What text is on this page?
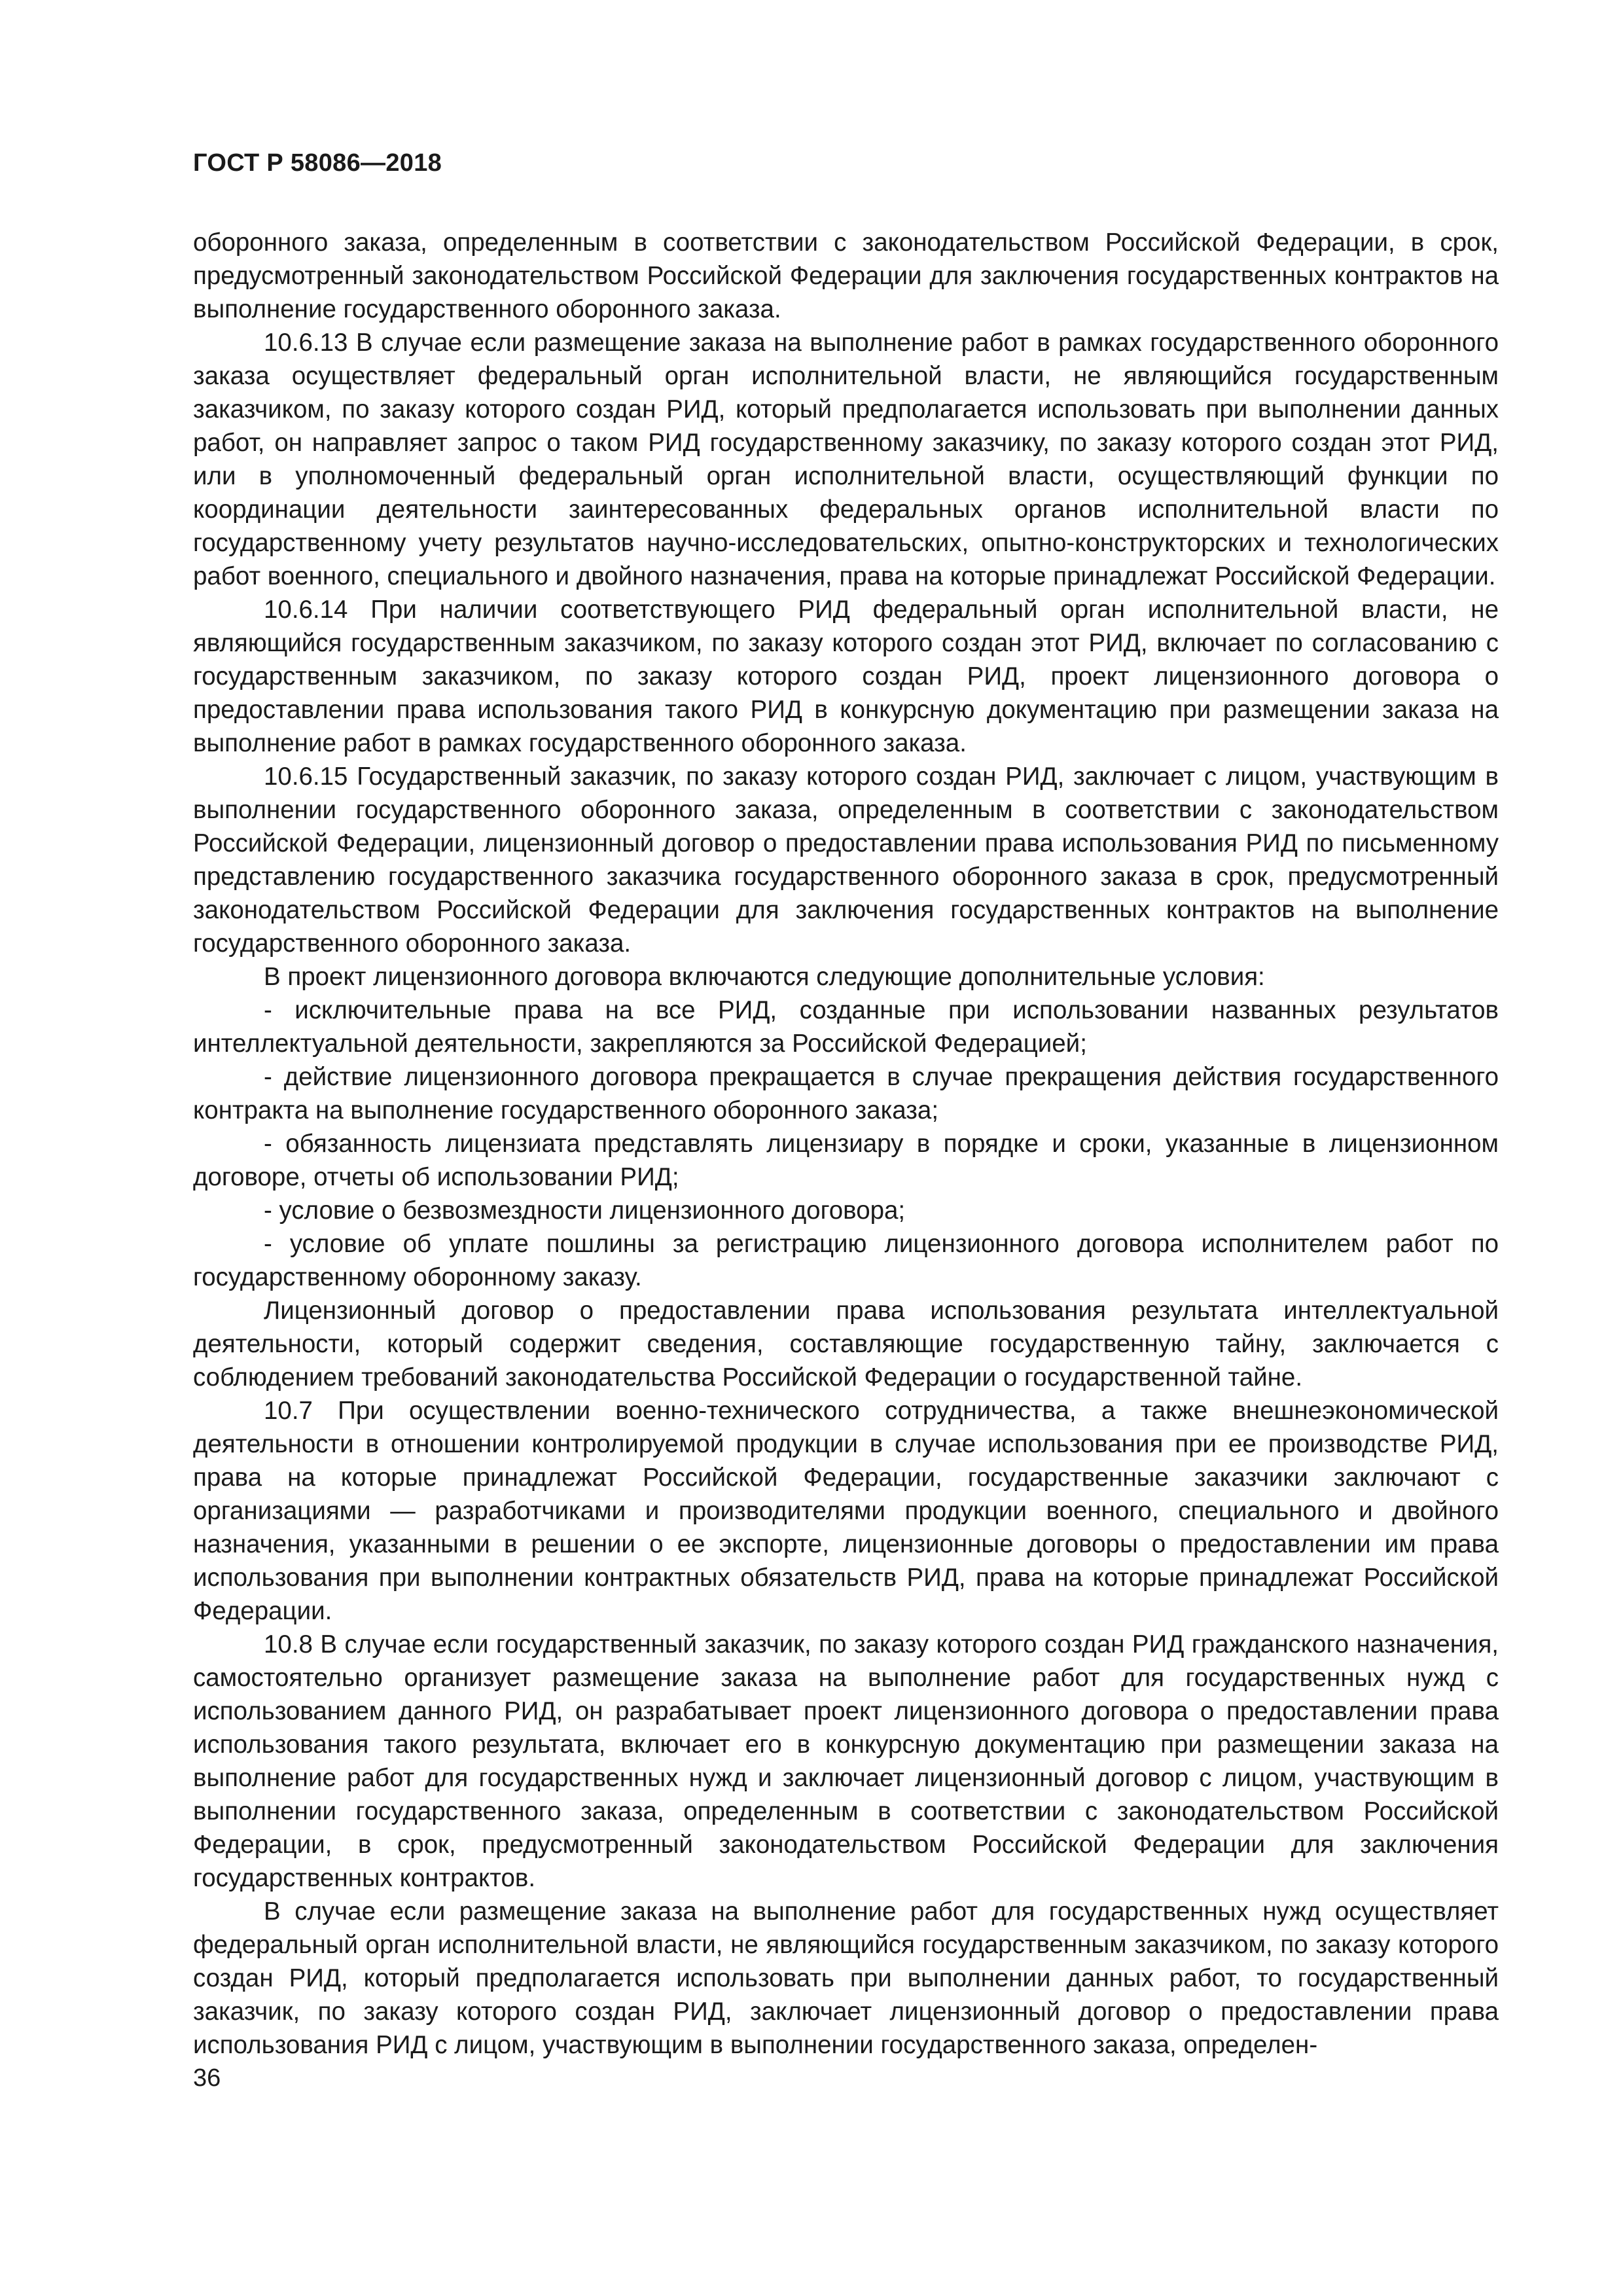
ГОСТ Р 58086—2018

оборонного заказа, определенным в соответствии с законодательством Российской Федерации, в срок, предусмотренный законодательством Российской Федерации для заключения государственных контрактов на выполнение государственного оборонного заказа.

10.6.13 В случае если размещение заказа на выполнение работ в рамках государственного оборонного заказа осуществляет федеральный орган исполнительной власти, не являющийся государственным заказчиком, по заказу которого создан РИД, который предполагается использовать при выполнении данных работ, он направляет запрос о таком РИД государственному заказчику, по заказу которого создан этот РИД, или в уполномоченный федеральный орган исполнительной власти, осуществляющий функции по координации деятельности заинтересованных федеральных органов исполнительной власти по государственному учету результатов научно-исследовательских, опытно-конструкторских и технологических работ военного, специального и двойного назначения, права на которые принадлежат Российской Федерации.

10.6.14 При наличии соответствующего РИД федеральный орган исполнительной власти, не являющийся государственным заказчиком, по заказу которого создан этот РИД, включает по согласованию с государственным заказчиком, по заказу которого создан РИД, проект лицензионного договора о предоставлении права использования такого РИД в конкурсную документацию при размещении заказа на выполнение работ в рамках государственного оборонного заказа.

10.6.15 Государственный заказчик, по заказу которого создан РИД, заключает с лицом, участвующим в выполнении государственного оборонного заказа, определенным в соответствии с законодательством Российской Федерации, лицензионный договор о предоставлении права использования РИД по письменному представлению государственного заказчика государственного оборонного заказа в срок, предусмотренный законодательством Российской Федерации для заключения государственных контрактов на выполнение государственного оборонного заказа.

В проект лицензионного договора включаются следующие дополнительные условия:

- исключительные права на все РИД, созданные при использовании названных результатов интеллектуальной деятельности, закрепляются за Российской Федерацией;

- действие лицензионного договора прекращается в случае прекращения действия государственного контракта на выполнение государственного оборонного заказа;

- обязанность лицензиата представлять лицензиару в порядке и сроки, указанные в лицензионном договоре, отчеты об использовании РИД;

- условие о безвозмездности лицензионного договора;

- условие об уплате пошлины за регистрацию лицензионного договора исполнителем работ по государственному оборонному заказу.

Лицензионный договор о предоставлении права использования результата интеллектуальной деятельности, который содержит сведения, составляющие государственную тайну, заключается с соблюдением требований законодательства Российской Федерации о государственной тайне.

10.7 При осуществлении военно-технического сотрудничества, а также внешнеэкономической деятельности в отношении контролируемой продукции в случае использования при ее производстве РИД, права на которые принадлежат Российской Федерации, государственные заказчики заключают с организациями — разработчиками и производителями продукции военного, специального и двойного назначения, указанными в решении о ее экспорте, лицензионные договоры о предоставлении им права использования при выполнении контрактных обязательств РИД, права на которые принадлежат Российской Федерации.

10.8 В случае если государственный заказчик, по заказу которого создан РИД гражданского назначения, самостоятельно организует размещение заказа на выполнение работ для государственных нужд с использованием данного РИД, он разрабатывает проект лицензионного договора о предоставлении права использования такого результата, включает его в конкурсную документацию при размещении заказа на выполнение работ для государственных нужд и заключает лицензионный договор с лицом, участвующим в выполнении государственного заказа, определенным в соответствии с законодательством Российской Федерации, в срок, предусмотренный законодательством Российской Федерации для заключения государственных контрактов.

В случае если размещение заказа на выполнение работ для государственных нужд осуществляет федеральный орган исполнительной власти, не являющийся государственным заказчиком, по заказу которого создан РИД, который предполагается использовать при выполнении данных работ, то государственный заказчик, по заказу которого создан РИД, заключает лицензионный договор о предоставлении права использования РИД с лицом, участвующим в выполнении государственного заказа, определен-

36
